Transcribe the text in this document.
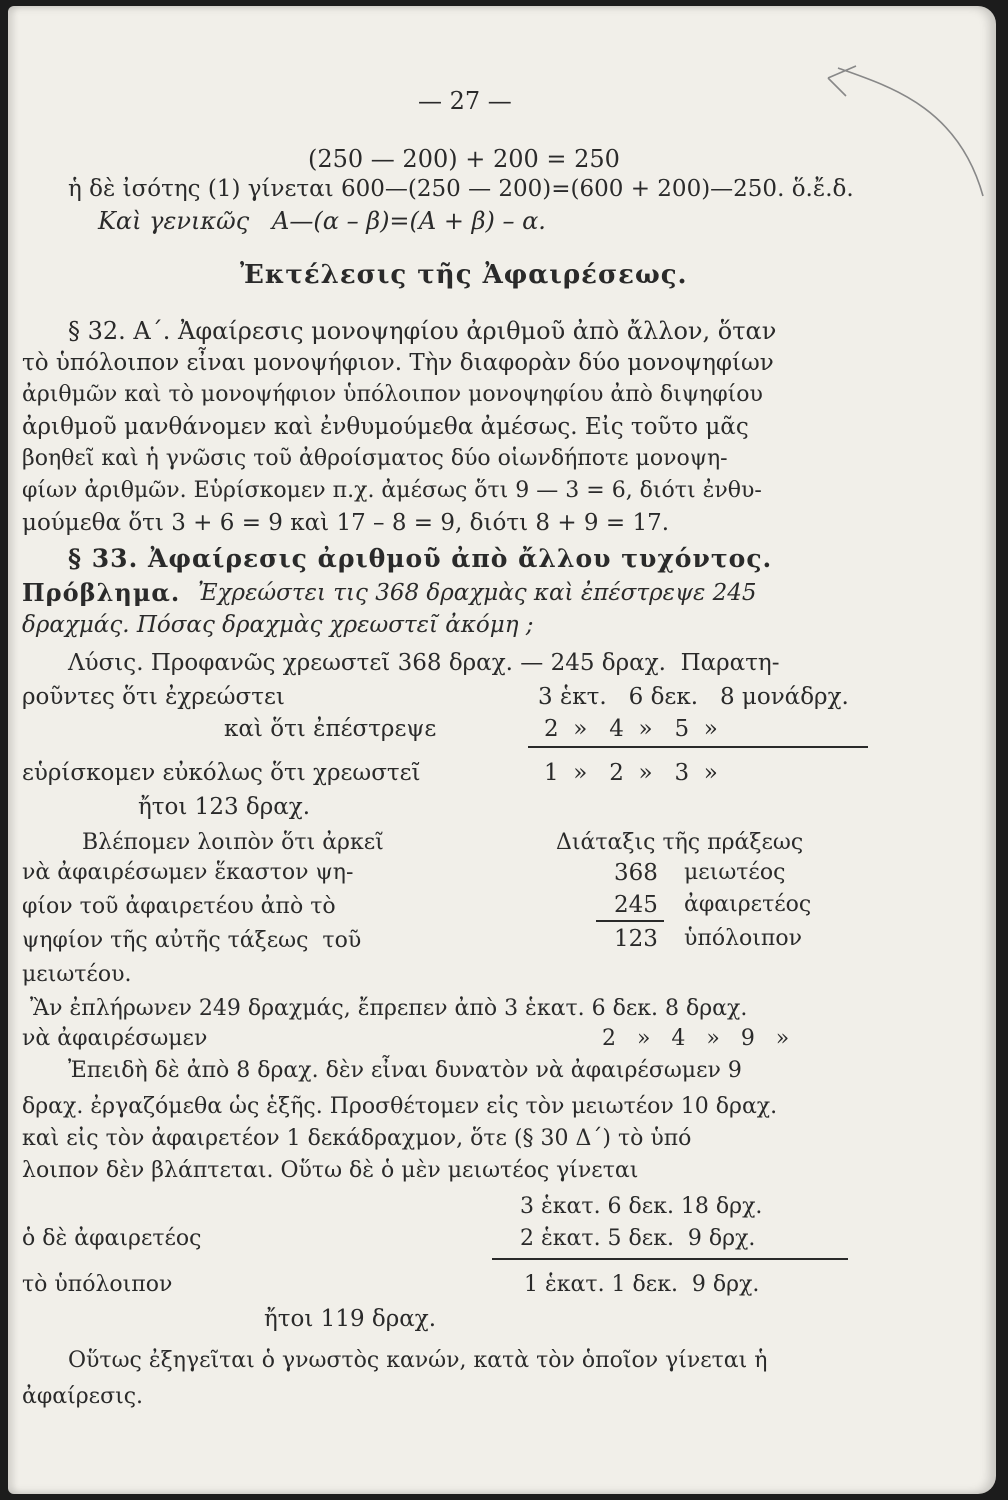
— 27 —
(250 — 200) + 200 = 250
ἡ δὲ ἰσότης (1) γίνεται 600—(250 — 200)=(600 + 200)—250. ὅ.ἔ.δ.
Καὶ γενικῶς   Α—(α – β)=(Α + β) – α.
Ἐκτέλεσις τῆς Ἀφαιρέσεως.
§ 32. Α΄. Ἀφαίρεσις μονοψηφίου ἀριθμοῦ ἀπὸ ἄλλον, ὅταν
τὸ ὑπόλοιπον εἶναι μονοψήφιον. Τὴν διαφορὰν δύο μονοψηφίων
ἀριθμῶν καὶ τὸ μονοψήφιον ὑπόλοιπον μονοψηφίου ἀπὸ διψηφίου
ἀριθμοῦ μανθάνομεν καὶ ἐνθυμούμεθα ἀμέσως. Εἰς τοῦτο μᾶς
βοηθεῖ καὶ ἡ γνῶσις τοῦ ἀθροίσματος δύο οἱωνδήποτε μονοψη-
φίων ἀριθμῶν. Εὑρίσκομεν π.χ. ἀμέσως ὅτι 9 — 3 = 6, διότι ἐνθυ-
μούμεθα ὅτι 3 + 6 = 9 καὶ 17 – 8 = 9, διότι 8 + 9 = 17.
§ 33. Ἀφαίρεσις ἀριθμοῦ ἀπὸ ἄλλου τυχόντος.
Πρόβλημα. Ἐχρεώστει τις 368 δραχμὰς καὶ ἐπέστρεψε 245
δραχμάς. Πόσας δραχμὰς χρεωστεῖ ἀκόμη ;
Λύσις. Προφανῶς χρεωστεῖ 368 δραχ. — 245 δραχ.  Παρατη-
ροῦντες ὅτι ἐχρεώστει	3 ἑκτ.   6 δεκ.   8 μονάδρχ.
καὶ ὅτι ἐπέστρεψε	2  »   4  »   5  »
εὑρίσκομεν εὐκόλως ὅτι χρεωστεῖ	1  »   2  »   3  »
ἤτοι 123 δραχ.
Βλέπομεν λοιπὸν ὅτι ἀρκεῖ
νὰ ἀφαιρέσωμεν ἕκαστον ψη-
φίον τοῦ ἀφαιρετέου ἀπὸ τὸ
ψηφίον τῆς αὐτῆς τάξεως  τοῦ
μειωτέου.
Διάταξις τῆς πράξεως
368 μειωτέος
245 ἀφαιρετέος
123 ὑπόλοιπον
Ἂν ἐπλήρωνεν 249 δραχμάς, ἔπρεπεν ἀπὸ 3 ἑκατ. 6 δεκ. 8 δραχ.
νὰ ἀφαιρέσωμεν	2   »   4   »   9   »
Ἐπειδὴ δὲ ἀπὸ 8 δραχ. δὲν εἶναι δυνατὸν νὰ ἀφαιρέσωμεν 9
δραχ. ἐργαζόμεθα ὡς ἑξῆς. Προσθέτομεν εἰς τὸν μειωτέον 10 δραχ.
καὶ εἰς τὸν ἀφαιρετέον 1 δεκάδραχμον, ὅτε (§ 30 Δ΄) τὸ ὑπό
λοιπον δὲν βλάπτεται. Οὕτω δὲ ὁ μὲν μειωτέος γίνεται
3 ἑκατ. 6 δεκ. 18 δρχ.
ὁ δὲ ἀφαιρετέος	2 ἑκατ. 5 δεκ.  9 δρχ.
τὸ ὑπόλοιπον	1 ἑκατ. 1 δεκ.  9 δρχ.
ἤτοι 119 δραχ.
Οὕτως ἐξηγεῖται ὁ γνωστὸς κανών, κατὰ τὸν ὁποῖον γίνεται ἡ
ἀφαίρεσις.
